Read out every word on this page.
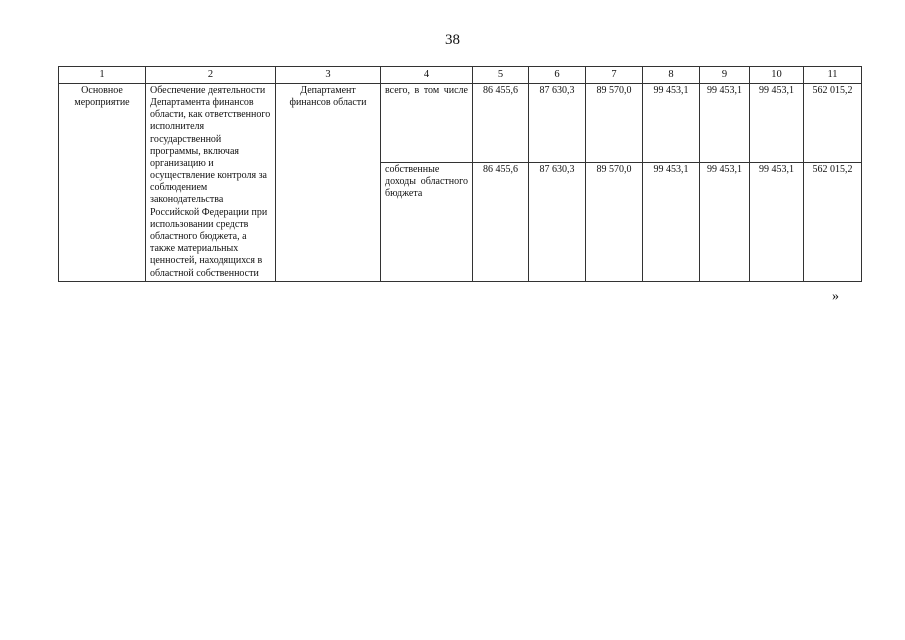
38
1	2	3	4	5	6	7	8	9	10	11
Основное мероприятие	Обеспечение деятельности Департамента финансов области, как ответственного исполнителя государственной программы, включая организацию и осуществление контроля за соблюдением законодательства Российской Федерации при использовании средств областного бюджета, а также материальных ценностей, находящихся в областной собственности	Департамент финансов области	всего, в том числе	86 455,6	87 630,3	89 570,0	99 453,1	99 453,1	99 453,1	562 015,2
			собственные доходы областного бюджета	86 455,6	87 630,3	89 570,0	99 453,1	99 453,1	99 453,1	562 015,2
»
